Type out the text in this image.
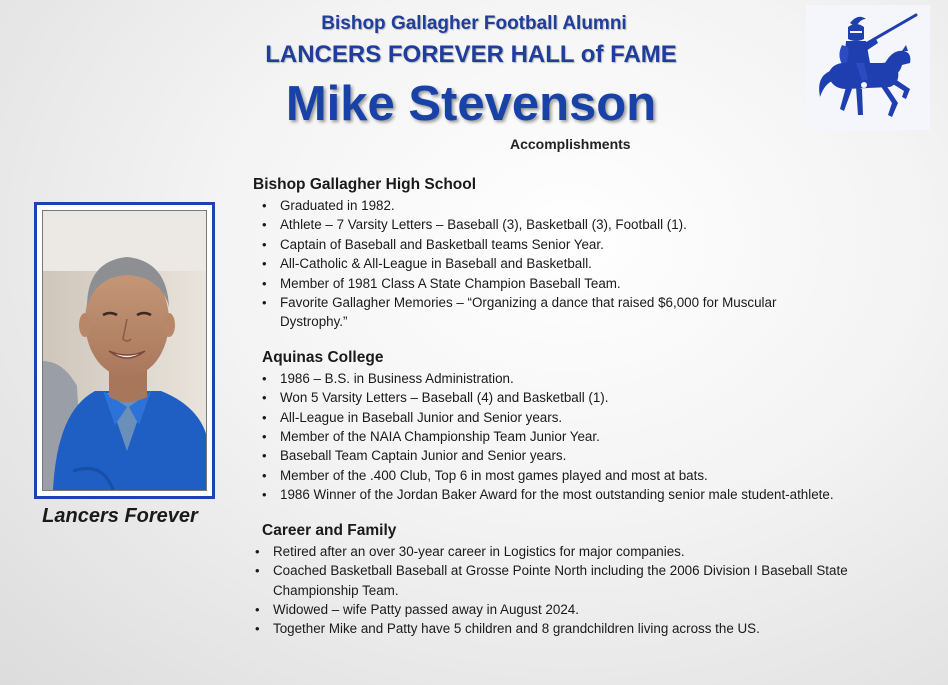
Bishop Gallagher Football Alumni
LANCERS FOREVER HALL of FAME
Mike Stevenson
Accomplishments
Lancers Forever
Bishop Gallagher High School
• Graduated in 1982.
• Athlete – 7 Varsity Letters – Baseball (3), Basketball (3), Football (1).
• Captain of Baseball and Basketball teams Senior Year.
• All-Catholic & All-League in Baseball and Basketball.
• Member of 1981 Class A State Champion Baseball Team.
• Favorite Gallagher Memories – “Organizing a dance that raised $6,000 for Muscular Dystrophy.”
Aquinas College
• 1986 – B.S. in Business Administration.
• Won 5 Varsity Letters – Baseball (4) and Basketball (1).
• All-League in Baseball Junior and Senior years.
• Member of the NAIA Championship Team Junior Year.
• Baseball Team Captain Junior and Senior years.
• Member of the .400 Club, Top 6 in most games played and most at bats.
• 1986 Winner of the Jordan Baker Award for the most outstanding senior male student-athlete.
Career and Family
• Retired after an over 30-year career in Logistics for major companies.
• Coached Basketball Baseball at Grosse Pointe North including the 2006 Division I Baseball State Championship Team.
• Widowed – wife Patty passed away in August 2024.
• Together Mike and Patty have 5 children and 8 grandchildren living across the US.
